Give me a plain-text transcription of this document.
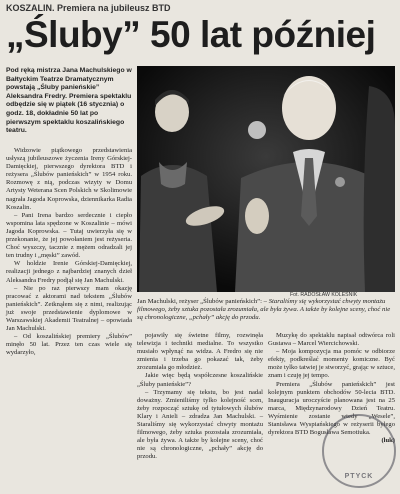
KOSZALIN. Premiera na jubileusz BTD
„Śluby” 50 lat później
Pod ręką mistrza Jana Machulskiego w Bałtyckim Teatrze Dramatycznym powstają „Śluby panieńskie” Aleksandra Fredry. Premiera spektaklu odbędzie się w piątek (16 stycznia) o godz. 18, dokładnie 50 lat po pierwszym spektaklu koszalińskiego teatru.
Fot. RADOSŁAW KOLEŚNIK
Jan Machulski, reżyser „Ślubów panieńskich”: – Staraliśmy się wykorzystać chwyty montażu filmowego, żeby sztuka pozostała zrozumiała, ale była żywa. A także by kolejne sceny, choć nie są chronologiczne, „pchały” akcję do przodu.

Widzowie piątkowego przedstawienia usłyszą jubileuszowe życzenia Ireny Górskiej-Damięckiej, pierwszego dyrektora BTD i reżysera „Ślubów panieńskich” w 1954 roku. Rozmowę z nią, podczas wizyty w Domu Artysty Weterana Scen Polskich w Skolimowie nagrała Jagoda Koprowska, dziennikarka Radia Koszalin.

– Pani Irena bardzo serdecznie i ciepło wspomina lata spędzone w Koszalinie – mówi Jagoda Koprowska. – Tutaj uwierzyła się w przekonanie, że jej powołaniem jest reżyseria. Choć wyszczy, tacznie z mężem odradzali jej ten trudny i „męski” zawód.

W holdzie Irenie Górskiej-Damięckiej, realizacji jednego z najbardziej znanych dzieł Aleksandra Fredry podjął się Jan Machulski.

– Nie po raz pierwszy mam okazję pracować z aktorami nad tekstem „Ślubów panieńskich”. Zetknąłem się z nimi, realizując już swoje przedstawienie dyplomowe w Warszawskiej Akademii Teatralnej – opowiada Jan Machulski.

– Od koszalińskiej premiery „Ślubów” minęło 50 lat. Przez ten czas wiele się wydarzyło,

pojawiły się świetne filmy, rozwinęła telewizja i techniki medialne. To wszystko musiało wpłynąć na widza. A Fredro się nie zmienia i trzeba go pokazać tak, żeby zrozumiała go młodzież.

Jakie więc będą współczesne koszalińskie „Śluby panieńskie”?

– Trzymamy się tekstu, bo jest nadal doważny. Zmieniliśmy tylko kolejność scen, żeby rozpocząć sztukę od tytułowych ślubów Klary i Anieli – zdradza Jan Machulski. – Staraliśmy się wykorzystać chwyty montażu filmowego, żeby sztuka pozostała zrozumiała, ale była żywa. A także by kolejne sceny, choć nie są chronologiczne, „pchały” akcję do przodu.

Muzykę do spektaklu napisał odtwórca roli Gustawa – Marcel Wiercichowski.

– Moja kompozycja ma pomóc w odbiorze efekty, podkreślać momenty komiczne. Być może tylko tatwiej je stworzyć, grając w sztuce, znam i czuję jej tempo.

Premiera „Ślubów panieńskich” jest kolejnym punktem obchodów 50-lecia BTD. Inauguracja uroczyście planowana jest na 25 marca, Międzynarodowy Dzień Teatru. Wyśmienie zostanie wtedy „Wesele”, Stanisława Wyspiańskiego w reżyserii byłego dyrektora BTD Bogusława Semotiuka.

(luk)

PTYCK
